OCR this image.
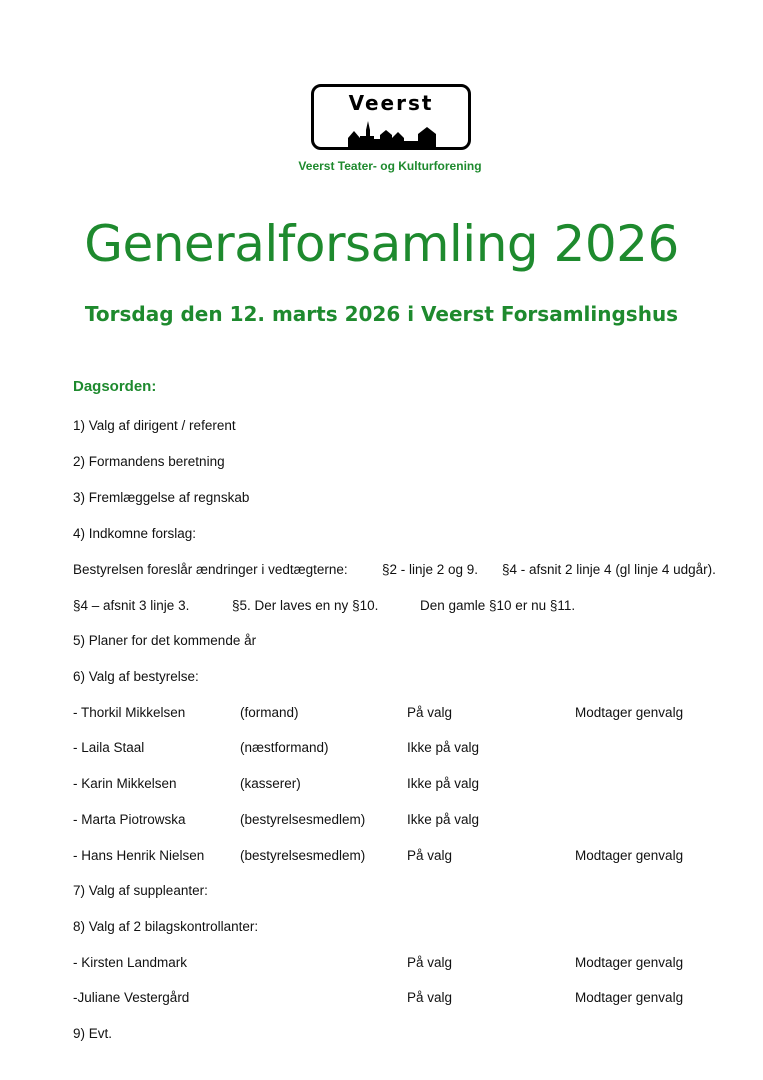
Veerst
Veerst Teater- og Kulturforening
Generalforsamling 2026
Torsdag den 12. marts 2026 i Veerst Forsamlingshus
Dagsorden:
1) Valg af dirigent / referent
2) Formandens beretning
3) Fremlæggelse af regnskab
4) Indkomne forslag:
Bestyrelsen foreslår ændringer i vedtægterne:	§2 - linje 2 og 9. §4 - afsnit 2 linje 4 (gl linje 4 udgår).
§4 – afsnit 3 linje 3.	§5. Der laves en ny §10.	Den gamle §10 er nu §11.
5) Planer for det kommende år
6) Valg af bestyrelse:
- Thorkil Mikkelsen	(formand)	På valg	Modtager genvalg
- Laila Staal	(næstformand)	Ikke på valg
- Karin Mikkelsen	(kasserer)	Ikke på valg
- Marta Piotrowska	(bestyrelsesmedlem)	Ikke på valg
- Hans Henrik Nielsen	(bestyrelsesmedlem)	På valg	Modtager genvalg
7) Valg af suppleanter:
8) Valg af 2 bilagskontrollanter:
- Kirsten Landmark	På valg	Modtager genvalg
-Juliane Vestergård	På valg	Modtager genvalg
9) Evt.
